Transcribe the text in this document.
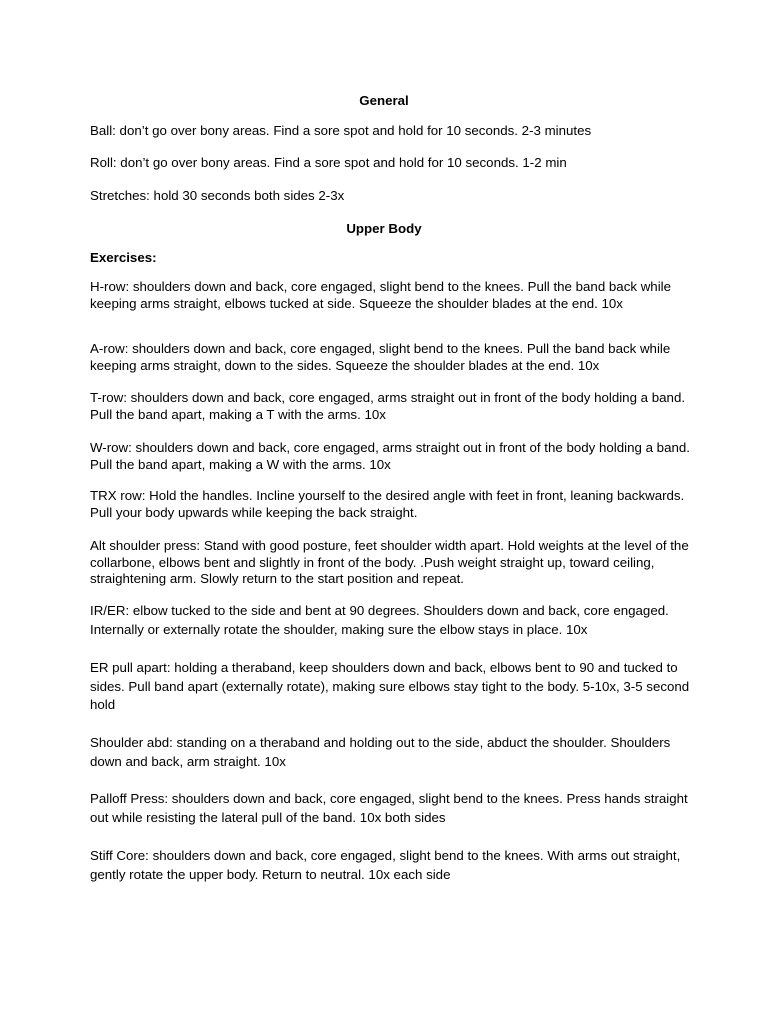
General

Ball: don’t go over bony areas. Find a sore spot and hold for 10 seconds. 2-3 minutes

Roll: don’t go over bony areas. Find a sore spot and hold for 10 seconds. 1-2 min

Stretches: hold 30 seconds both sides 2-3x

Upper Body
Exercises:

H-row: shoulders down and back, core engaged, slight bend to the knees. Pull the band back while keeping arms straight, elbows tucked at side. Squeeze the shoulder blades at the end. 10x

A-row: shoulders down and back, core engaged, slight bend to the knees. Pull the band back while keeping arms straight, down to the sides. Squeeze the shoulder blades at the end. 10x

T-row: shoulders down and back, core engaged, arms straight out in front of the body holding a band. Pull the band apart, making a T with the arms. 10x

W-row: shoulders down and back, core engaged, arms straight out in front of the body holding a band. Pull the band apart, making a W with the arms. 10x

TRX row: Hold the handles. Incline yourself to the desired angle with feet in front, leaning backwards. Pull your body upwards while keeping the back straight.

Alt shoulder press: Stand with good posture, feet shoulder width apart. Hold weights at the level of the collarbone, elbows bent and slightly in front of the body. .Push weight straight up, toward ceiling, straightening arm. Slowly return to the start position and repeat.

IR/ER: elbow tucked to the side and bent at 90 degrees. Shoulders down and back, core engaged. Internally or externally rotate the shoulder, making sure the elbow stays in place. 10x

ER pull apart: holding a theraband, keep shoulders down and back, elbows bent to 90 and tucked to sides. Pull band apart (externally rotate), making sure elbows stay tight to the body. 5-10x, 3-5 second hold

Shoulder abd: standing on a theraband and holding out to the side, abduct the shoulder. Shoulders down and back, arm straight. 10x

Palloff Press: shoulders down and back, core engaged, slight bend to the knees. Press hands straight out while resisting the lateral pull of the band. 10x both sides

Stiff Core: shoulders down and back, core engaged, slight bend to the knees. With arms out straight, gently rotate the upper body. Return to neutral. 10x each side
